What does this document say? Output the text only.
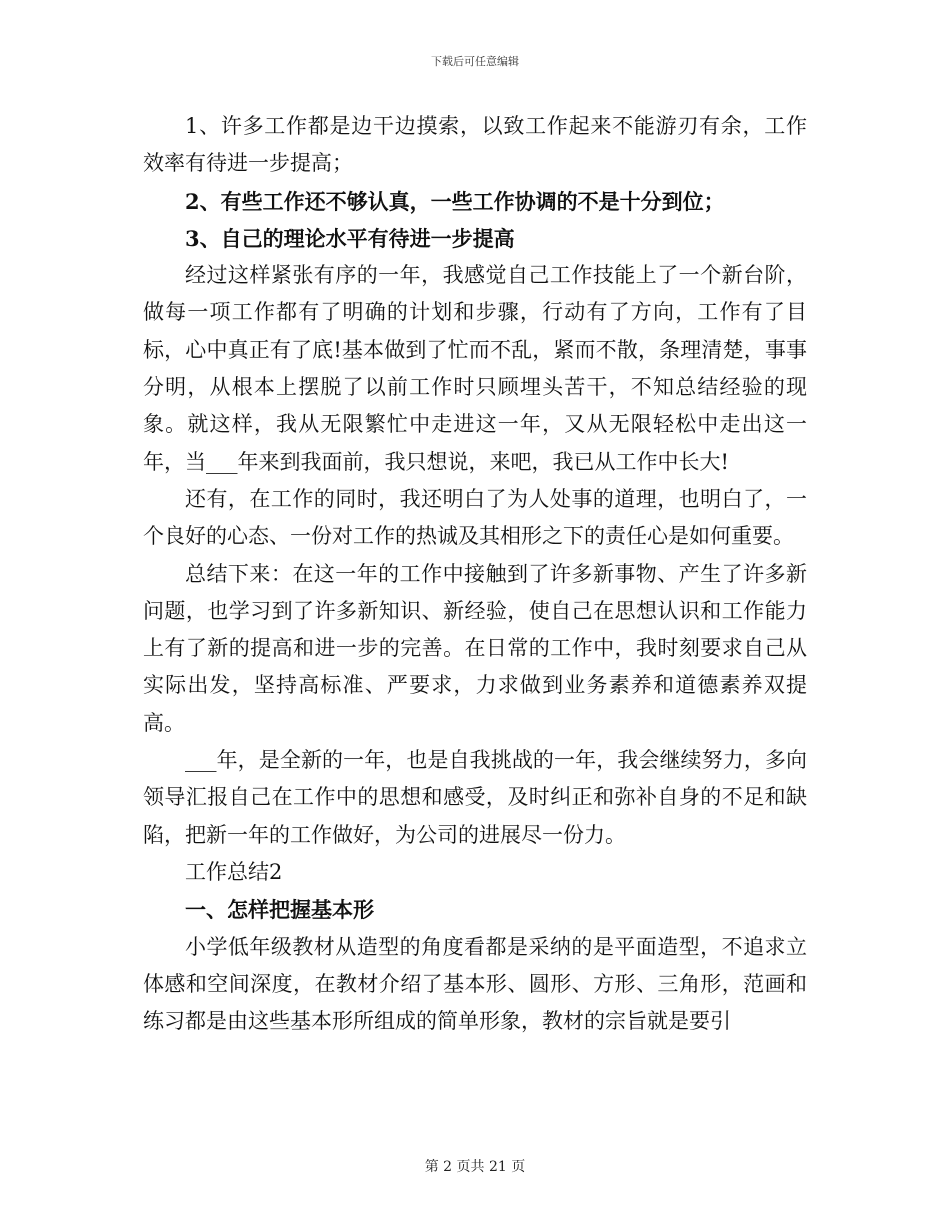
下载后可任意编辑

1、许多工作都是边干边摸索，以致工作起来不能游刃有余，工作效率有待进一步提高；

2、有些工作还不够认真，一些工作协调的不是十分到位；

3、自己的理论水平有待进一步提高

经过这样紧张有序的一年，我感觉自己工作技能上了一个新台阶，做每一项工作都有了明确的计划和步骤，行动有了方向，工作有了目标，心中真正有了底!基本做到了忙而不乱，紧而不散，条理清楚，事事分明，从根本上摆脱了以前工作时只顾埋头苦干，不知总结经验的现象。就这样，我从无限繁忙中走进这一年，又从无限轻松中走出这一年，当___年来到我面前，我只想说，来吧，我已从工作中长大!

还有，在工作的同时，我还明白了为人处事的道理，也明白了，一个良好的心态、一份对工作的热诚及其相形之下的责任心是如何重要。

总结下来：在这一年的工作中接触到了许多新事物、产生了许多新问题，也学习到了许多新知识、新经验，使自己在思想认识和工作能力上有了新的提高和进一步的完善。在日常的工作中，我时刻要求自己从实际出发，坚持高标准、严要求，力求做到业务素养和道德素养双提高。

___年，是全新的一年，也是自我挑战的一年，我会继续努力，多向领导汇报自己在工作中的思想和感受，及时纠正和弥补自身的不足和缺陷，把新一年的工作做好，为公司的进展尽一份力。

工作总结2

一、怎样把握基本形

小学低年级教材从造型的角度看都是采纳的是平面造型，不追求立体感和空间深度，在教材介绍了基本形、圆形、方形、三角形，范画和练习都是由这些基本形所组成的简单形象，教材的宗旨就是要引

第 2 页共 21 页
